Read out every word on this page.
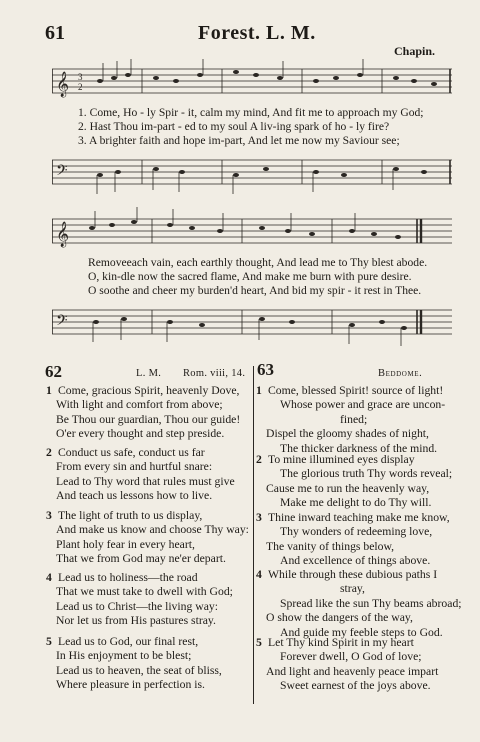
61	Forest. L. M.
Chapin.
𝄞 3
2
1. Come, Ho - ly Spir - it, calm my mind, And fit me to approach my God;
2. Hast Thou im-part - ed to my soul A liv-ing spark of ho - ly fire?
3. A brighter faith and hope im-part, And let me now my Saviour see;
𝄢
𝄞
Removeeach vain, each earthly thought, And lead me to Thy blest abode.
O, kin-dle now the sacred flame, And make me burn with pure desire.
O soothe and cheer my burden'd heart, And bid my spir - it rest in Thee.
𝄢
62	L. M. Rom. viii, 14. 63	Beddome.
1 Come, gracious Spirit, heavenly Dove,
With light and comfort from above;
Be Thou our guardian, Thou our guide!
O'er every thought and step preside.
2 Conduct us safe, conduct us far
From every sin and hurtful snare:
Lead to Thy word that rules must give
And teach us lessons how to live.
3 The light of truth to us display,
And make us know and choose Thy way:
Plant holy fear in every heart,
That we from God may ne'er depart.
4 Lead us to holiness—the road
That we must take to dwell with God;
Lead us to Christ—the living way:
Nor let us from His pastures stray.
5 Lead us to God, our final rest,
In His enjoyment to be blest;
Lead us to heaven, the seat of bliss,
Where pleasure in perfection is.
1 Come, blessed Spirit! source of light!
Whose power and grace are uncon-
fined;
Dispel the gloomy shades of night,
The thicker darkness of the mind.
2 To mine illumined eyes display
The glorious truth Thy words reveal;
Cause me to run the heavenly way,
Make me delight to do Thy will.
3 Thine inward teaching make me know,
Thy wonders of redeeming love,
The vanity of things below,
And excellence of things above.
4 While through these dubious paths I
stray,
Spread like the sun Thy beams abroad;
O show the dangers of the way,
And guide my feeble steps to God.
5 Let Thy kind Spirit in my heart
Forever dwell, O God of love;
And light and heavenly peace impart
Sweet earnest of the joys above.
